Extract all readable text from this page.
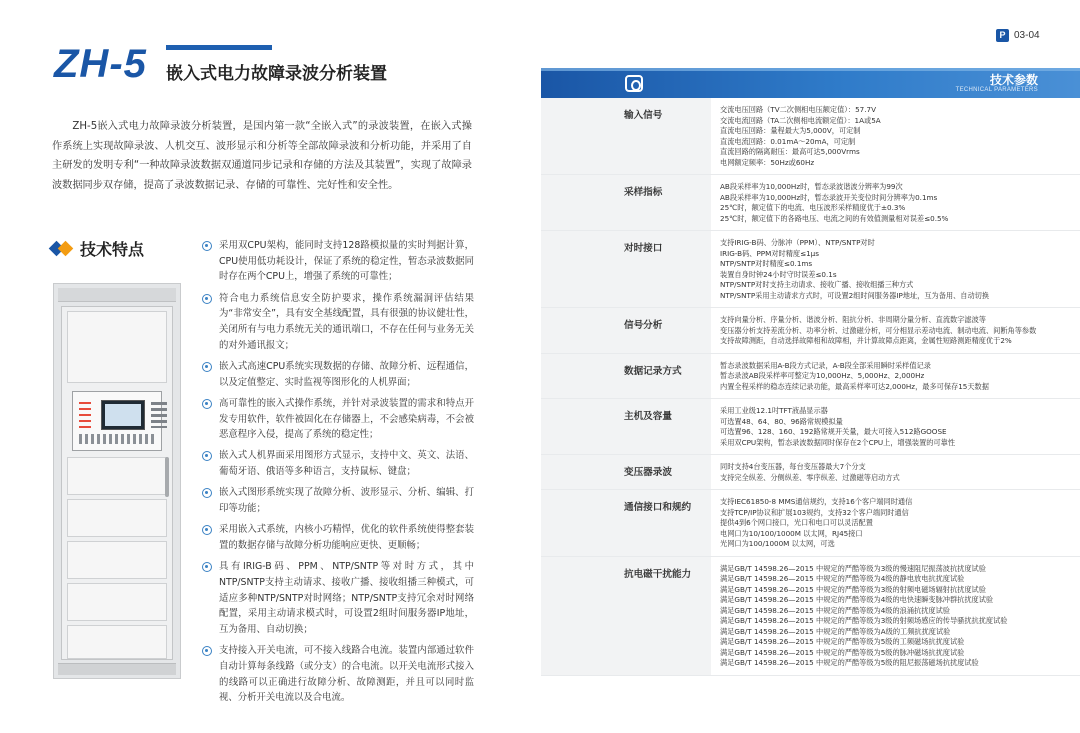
ZH-5 嵌入式电力故障录波分析装置

ZH-5嵌入式电力故障录波分析装置，是国内第一款“全嵌入式”的录波装置，在嵌入式操作系统上实现故障录波、人机交互、波形显示和分析等全部故障录波和分析功能，并采用了自主研发的发明专利“一种故障录波数据双通道同步记录和存储的方法及其装置”，实现了故障录波数据同步双存储，提高了录波数据记录、存储的可靠性、完好性和安全性。

技术特点	采用双CPU架构，能同时支持128路模拟量的实时判据计算，CPU使用低功耗设计，保证了系统的稳定性，暂态录波数据同时存在两个CPU上，增强了系统的可靠性；
符合电力系统信息安全防护要求，操作系统漏洞评估结果为“非常安全”，具有安全基线配置，具有很强的协议健壮性，关闭所有与电力系统无关的通讯端口，不存在任何与业务无关的对外通讯报文；
嵌入式高速CPU系统实现数据的存储、故障分析、远程通信，以及定值整定、实时监视等图形化的人机界面；
高可靠性的嵌入式操作系统，并针对录波装置的需求和特点开发专用软件，软件被固化在存储器上，不会感染病毒，不会被恶意程序入侵，提高了系统的稳定性；
嵌入式人机界面采用图形方式显示，支持中文、英文、法语、葡萄牙语、俄语等多种语言，支持鼠标、键盘；
嵌入式图形系统实现了故障分析、波形显示、分析、编辑、打印等功能；
采用嵌入式系统，内核小巧精悍，优化的软件系统使得整套装置的数据存储与故障分析功能响应更快、更顺畅；
具有IRIG-B码、PPM、NTP/SNTP等对时方式，其中NTP/SNTP支持主动请求、接收广播、接收组播三种模式，可适应多种NTP/SNTP对时网络；NTP/SNTP支持冗余对时网络配置，采用主动请求模式时，可设置2组时间服务器IP地址，互为备用、自动切换；
支持接入开关电流，可不接入线路合电流。装置内部通过软件自动计算每条线路（或分支）的合电流。以开关电流形式接入的线路可以正确进行故障分析、故障测距，并且可以同时监视、分析开关电流以及合电流。
P 03-04
技术参数
TECHNICAL PARAMETERS
输入信号
交流电压回路（TV二次侧相电压额定值）：57.7V
交流电流回路（TA二次侧相电流额定值）：1A或5A
直流电压回路：量程最大为5,000V，可定制
直流电流回路：0.01mA～20mA，可定制
直流回路的隔离耐压：最高可达5,000Vrms
电网额定频率：50Hz或60Hz
采样指标
AB段采样率为10,000Hz时，暂态录波谐波分辨率为99次
AB段采样率为10,000Hz时，暂态录波开关变位时间分辨率为0.1ms
25℃时，额定值下的电流、电压波形采样精度优于±0.3%
25℃时，额定值下的各路电压、电流之间的有效值测量相对误差≤0.5%
对时接口
支持IRIG-B码、分脉冲（PPM）、NTP/SNTP对时
IRIG-B码、PPM对时精度≤1μs
NTP/SNTP对时精度≤0.1ms
装置自身时钟24小时守时误差≤0.1s
NTP/SNTP对时支持主动请求、接收广播、接收组播三种方式
NTP/SNTP采用主动请求方式时，可设置2组时间服务器IP地址，互为备用、自动切换
信号分析
支持向量分析、序量分析、谐波分析、阻抗分析、非周期分量分析、直流数字滤波等
变压器分析支持差流分析、功率分析、过激磁分析，可分相显示差动电流、制动电流、间断角等参数
支持故障测距，自动选择故障相和故障相，并计算故障点距离，金属性短路测距精度优于2%
数据记录方式
暂态录波数据采用A-B段方式记录，A-B段全部采用瞬时采样值记录
暂态录波AB段采样率可整定为10,000Hz、5,000Hz、2,000Hz
内置全程采样的稳态连续记录功能，最高采样率可达2,000Hz，最多可保存15天数据
主机及容量
采用工业级12.1吋TFT液晶显示器
可选置48、64、80、96路常规模拟量
可选置96、128、160、192路常规开关量，最大可接入512路GOOSE
采用双CPU架构，暂态录波数据同时保存在2个CPU上，增强装置的可靠性
变压器录波
同时支持4台变压器，每台变压器最大7个分支
支持完全纵差、分侧纵差、零序纵差、过激磁等启动方式
通信接口和规约
支持IEC61850-8 MMS通信规约，支持16个客户端同时通信
支持TCP/IP协议和扩展103规约，支持32个客户端同时通信
提供4到6个网口接口，光口和电口可以灵活配置
电网口为10/100/1000M 以太网，RJ45接口
光网口为100/1000M 以太网，可选
抗电磁干扰能力
满足GB/T 14598.26—2015 中规定的严酷等级为3级的慢速阻尼振荡波抗扰度试验
满足GB/T 14598.26—2015 中规定的严酷等级为4级的静电放电抗扰度试验
满足GB/T 14598.26—2015 中规定的严酷等级为3级的射频电磁场辐射抗扰度试验
满足GB/T 14598.26—2015 中规定的严酷等级为4级的电快速瞬变脉冲群抗扰度试验
满足GB/T 14598.26—2015 中规定的严酷等级为4级的浪涌抗扰度试验
满足GB/T 14598.26—2015 中规定的严酷等级为3级的射频场感应的传导骚扰抗扰度试验
满足GB/T 14598.26—2015 中规定的严酷等级为A级的工频抗扰度试验
满足GB/T 14598.26—2015 中规定的严酷等级为5级的工频磁场抗扰度试验
满足GB/T 14598.26—2015 中规定的严酷等级为5级的脉冲磁场抗扰度试验
满足GB/T 14598.26—2015 中规定的严酷等级为5级的阻尼振荡磁场抗扰度试验
